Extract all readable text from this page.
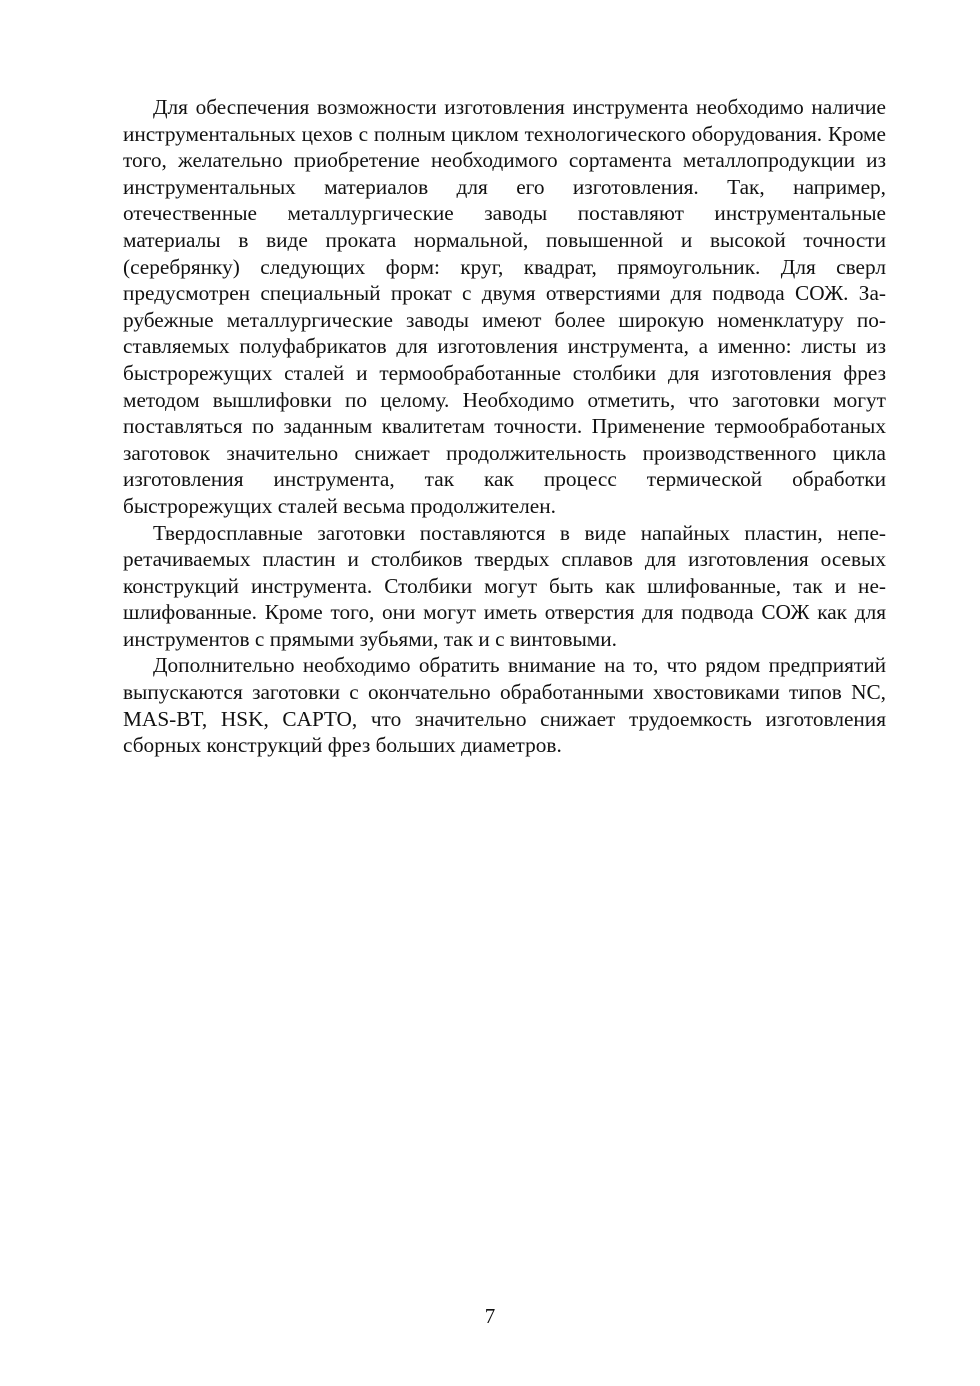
Для обеспечения возможности изготовления инструмента необходимо наличие инструментальных цехов с полным циклом технологического оборудования. Кроме того, желательно приобретение необходимого сортамента металлопродукции из инструментальных материалов для его изготовления. Так, например, отечественные металлургические заводы поставляют инструментальные материалы в виде проката нормальной, повышенной и высокой точности (серебрянку) следующих форм: круг, квадрат, прямоугольник. Для сверл предусмотрен специальный прокат с двумя отверстиями для подвода СОЖ. Зарубежные металлургические заводы имеют более широкую номенклатуру поставляемых полуфабрикатов для изготовления инструмента, а именно: листы из быстрорежущих сталей и термообработанные столбики для изготовления фрез методом вышлифовки по целому. Необходимо отметить, что заготовки могут поставляться по заданным квалитетам точности. Применение термообработаных заготовок значительно снижает продолжительность производственного цикла изготовления инструмента, так как процесс термической обработки быстрорежущих сталей весьма продолжителен.

Твердосплавные заготовки поставляются в виде напайных пластин, неперетачиваемых пластин и столбиков твердых сплавов для изготовления осевых конструкций инструмента. Столбики могут быть как шлифованные, так и нешлифованные. Кроме того, они могут иметь отверстия для подвода СОЖ как для инструментов с прямыми зубьями, так и с винтовыми.

Дополнительно необходимо обратить внимание на то, что рядом предприятий выпускаются заготовки с окончательно обработанными хвостовиками типов NC, MAS-BT, HSK, CAPTO, что значительно снижает трудоемкость изготовления сборных конструкций фрез больших диаметров.

7
